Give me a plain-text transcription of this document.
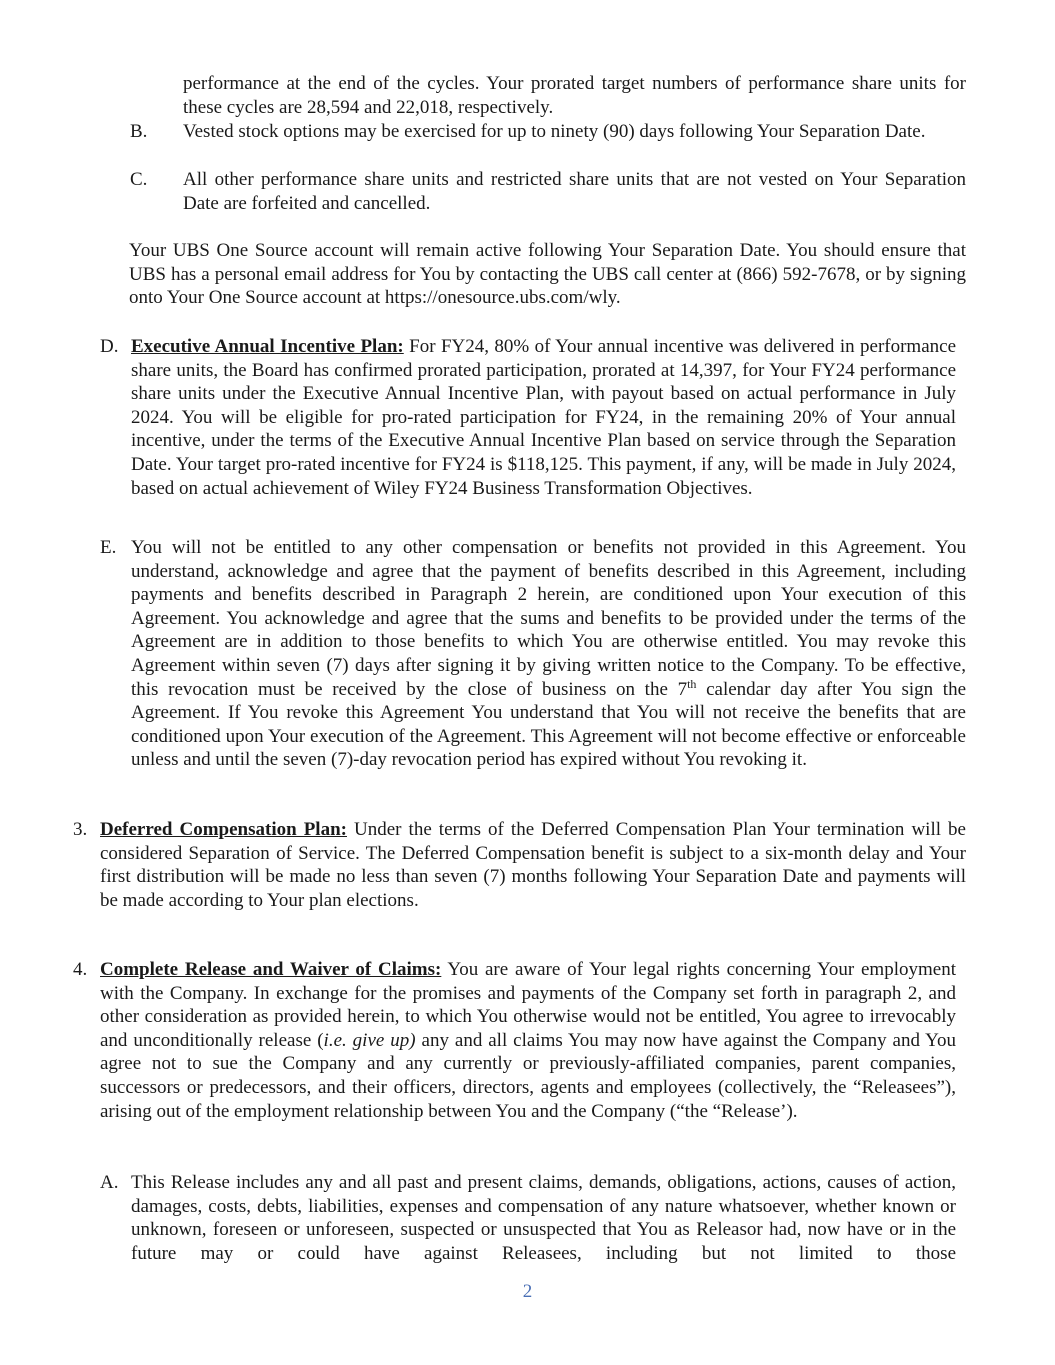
performance at the end of the cycles. Your prorated target numbers of performance share units for these cycles are 28,594 and 22,018, respectively.

B. Vested stock options may be exercised for up to ninety (90) days following Your Separation Date.

C. All other performance share units and restricted share units that are not vested on Your Separation Date are forfeited and cancelled.

Your UBS One Source account will remain active following Your Separation Date. You should ensure that UBS has a personal email address for You by contacting the UBS call center at (866) 592-7678, or by signing onto Your One Source account at https://onesource.ubs.com/wly.

D. Executive Annual Incentive Plan: For FY24, 80% of Your annual incentive was delivered in performance share units, the Board has confirmed prorated participation, prorated at 14,397, for Your FY24 performance share units under the Executive Annual Incentive Plan, with payout based on actual performance in July 2024. You will be eligible for pro-rated participation for FY24, in the remaining 20% of Your annual incentive, under the terms of the Executive Annual Incentive Plan based on service through the Separation Date. Your target pro-rated incentive for FY24 is $118,125. This payment, if any, will be made in July 2024, based on actual achievement of Wiley FY24 Business Transformation Objectives.

E. You will not be entitled to any other compensation or benefits not provided in this Agreement. You understand, acknowledge and agree that the payment of benefits described in this Agreement, including payments and benefits described in Paragraph 2 herein, are conditioned upon Your execution of this Agreement. You acknowledge and agree that the sums and benefits to be provided under the terms of the Agreement are in addition to those benefits to which You are otherwise entitled. You may revoke this Agreement within seven (7) days after signing it by giving written notice to the Company. To be effective, this revocation must be received by the close of business on the 7th calendar day after You sign the Agreement. If You revoke this Agreement You understand that You will not receive the benefits that are conditioned upon Your execution of the Agreement. This Agreement will not become effective or enforceable unless and until the seven (7)-day revocation period has expired without You revoking it.

3. Deferred Compensation Plan: Under the terms of the Deferred Compensation Plan Your termination will be considered Separation of Service. The Deferred Compensation benefit is subject to a six-month delay and Your first distribution will be made no less than seven (7) months following Your Separation Date and payments will be made according to Your plan elections.

4. Complete Release and Waiver of Claims: You are aware of Your legal rights concerning Your employment with the Company. In exchange for the promises and payments of the Company set forth in paragraph 2, and other consideration as provided herein, to which You otherwise would not be entitled, You agree to irrevocably and unconditionally release (i.e. give up) any and all claims You may now have against the Company and You agree not to sue the Company and any currently or previously-affiliated companies, parent companies, successors or predecessors, and their officers, directors, agents and employees (collectively, the “Releasees”), arising out of the employment relationship between You and the Company (“the “Release’).

A. This Release includes any and all past and present claims, demands, obligations, actions, causes of action, damages, costs, debts, liabilities, expenses and compensation of any nature whatsoever, whether known or unknown, foreseen or unforeseen, suspected or unsuspected that You as Releasor had, now have or in the future may or could have against Releasees, including but not limited to those

2
